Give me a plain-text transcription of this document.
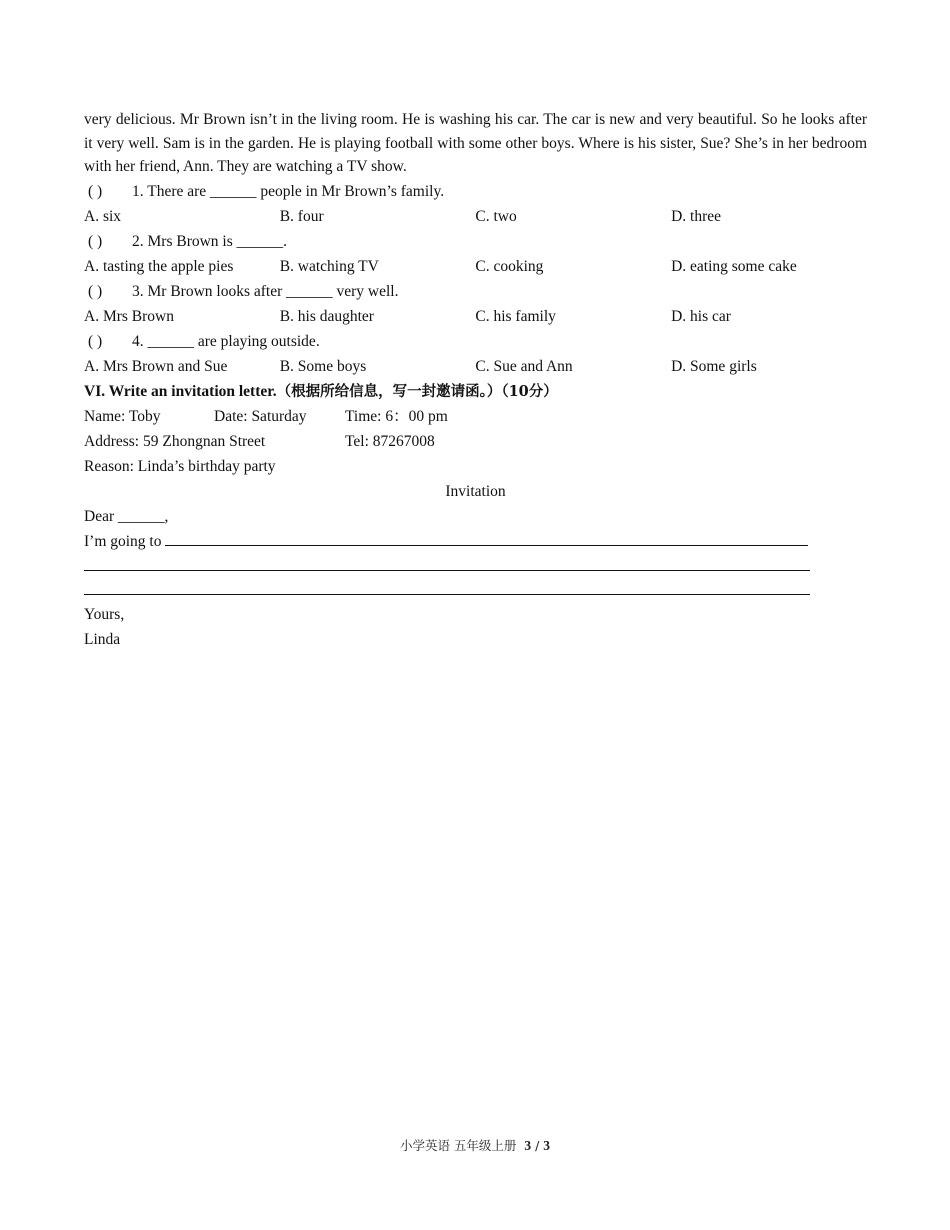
very delicious. Mr Brown isn’t in the living room. He is washing his car. The car is new and very beautiful. So he looks after it very well. Sam is in the garden. He is playing football with some other boys. Where is his sister, Sue? She’s in her bedroom with her friend, Ann. They are watching a TV show.

( ) 1. There are ______ people in Mr Brown’s family.
A. six	B. four	C. two	D. three
( ) 2. Mrs Brown is ______.
A. tasting the apple pies	B. watching TV	C. cooking	D. eating some cake
( ) 3. Mr Brown looks after ______ very well.
A. Mrs Brown	B. his daughter	C. his family	D. his car
( ) 4. ______ are playing outside.
A. Mrs Brown and Sue	B. Some boys	C. Sue and Ann	D. Some girls
VI. Write an invitation letter.（根据所给信息，写一封邀请函。）（10分）
Name: Toby	Date: Saturday	Time: 6：00 pm
Address: 59 Zhongnan Street	Tel: 87267008
Reason: Linda’s birthday party
Invitation
Dear ______,
I’m going to
Yours,
Linda
小学英语 五年级上册 3 / 3
